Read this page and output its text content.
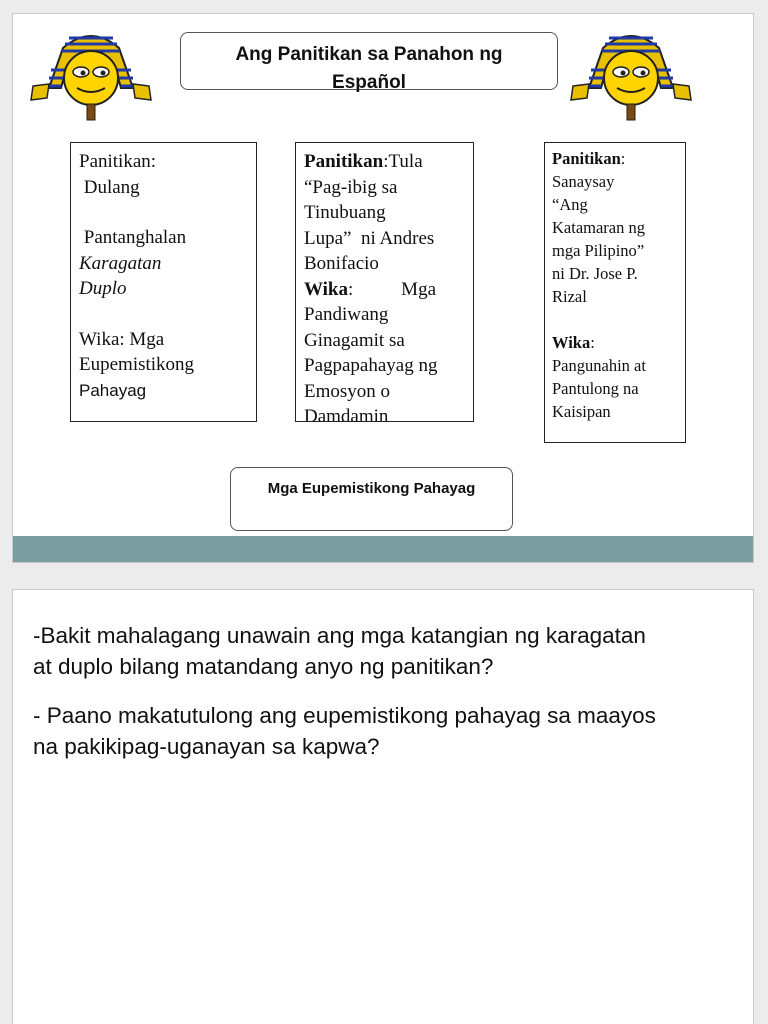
Ang Panitikan sa Panahon ng
Español
Panitikan:
Dulang
Pantanghalan
Karagatan
Duplo
Wika: Mga
Eupemistikong
Pahayag
Panitikan:Tula
“Pag-ibig sa
Tinubuang
Lupa”  ni Andres
Bonifacio
Wika:	Mga
Pandiwang
Ginagamit sa
Pagpapahayag ng
Emosyon o
Damdamin
Panitikan:
Sanaysay
“Ang
Katamaran ng
mga Pilipino”
ni Dr. Jose P.
Rizal
Wika:
Pangunahin at
Pantulong na
Kaisipan
Mga Eupemistikong Pahayag

-Bakit mahalagang unawain ang mga katangian ng karagatan

at duplo bilang matandang anyo ng panitikan?

- Paano makatutulong ang eupemistikong pahayag sa maayos

na pakikipag-uganayan sa kapwa?
